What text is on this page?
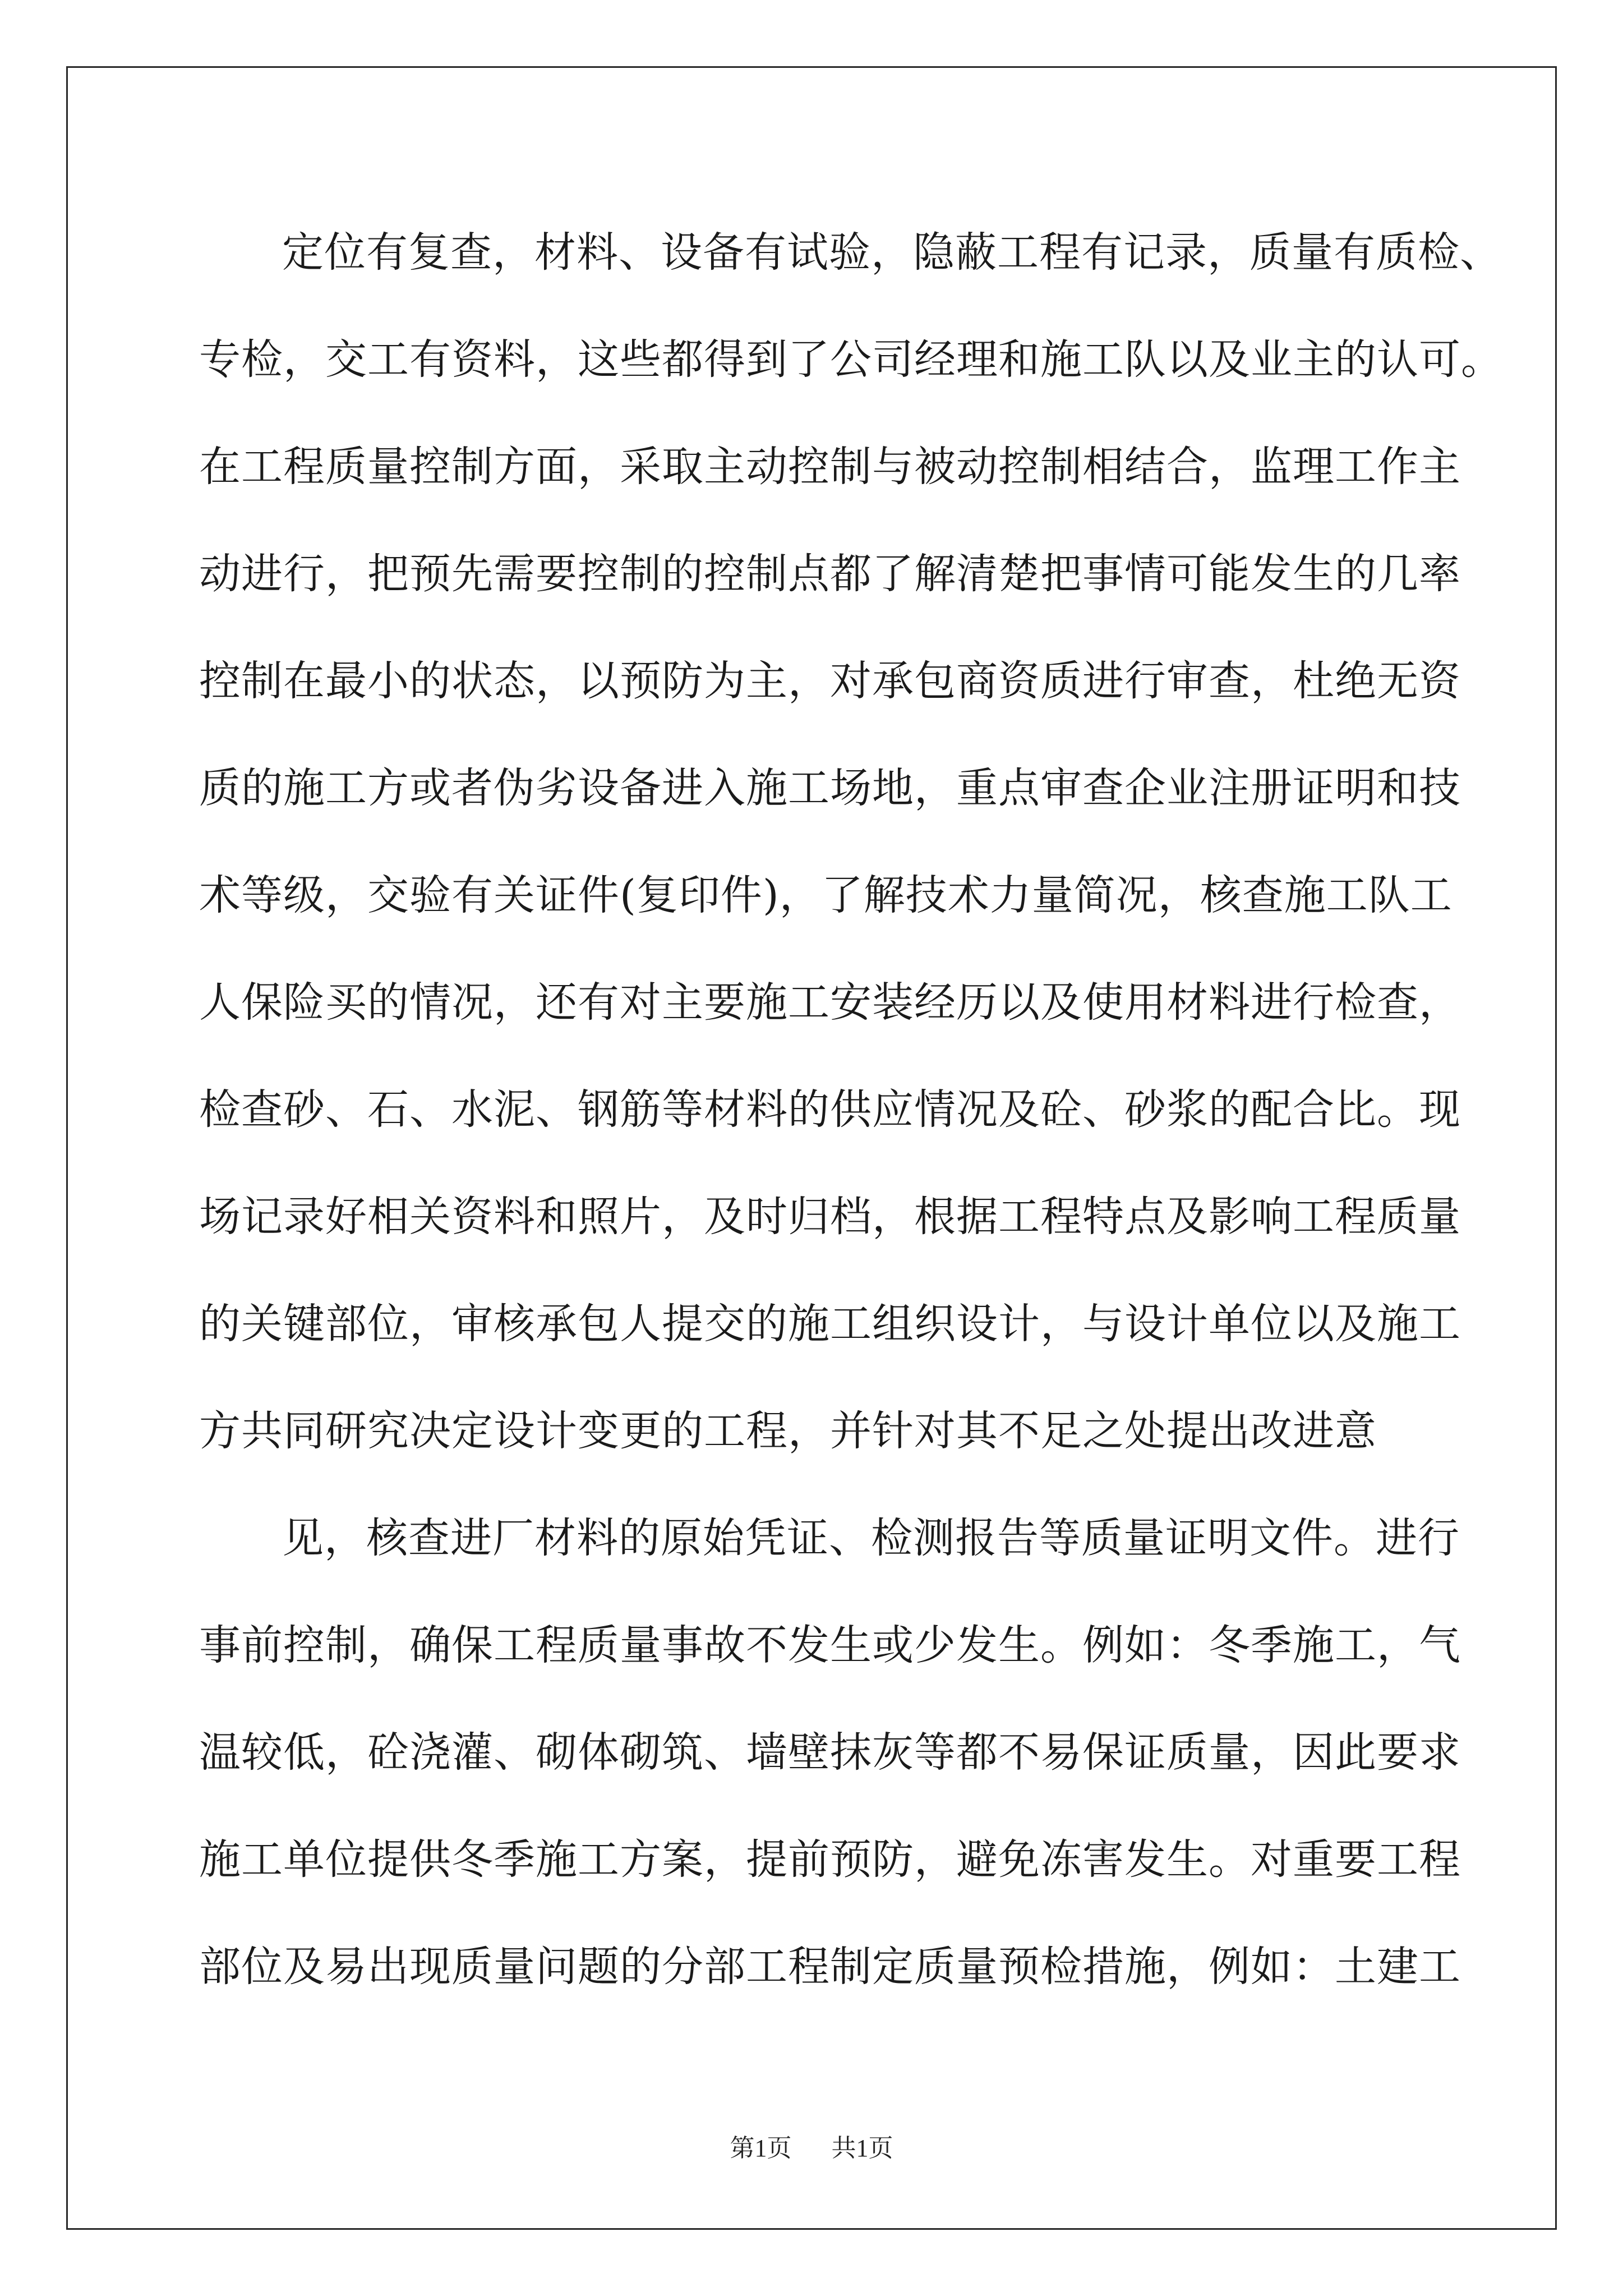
定位有复查，材料、设备有试验，隐蔽工程有记录，质量有质检、
专检，交工有资料，这些都得到了公司经理和施工队以及业主的认可。
在工程质量控制方面，采取主动控制与被动控制相结合，监理工作主
动进行，把预先需要控制的控制点都了解清楚把事情可能发生的几率
控制在最小的状态，以预防为主，对承包商资质进行审查，杜绝无资
质的施工方或者伪劣设备进入施工场地，重点审查企业注册证明和技
术等级，交验有关证件(复印件)，了解技术力量简况，核查施工队工
人保险买的情况，还有对主要施工安装经历以及使用材料进行检查，
检查砂、石、水泥、钢筋等材料的供应情况及砼、砂浆的配合比。现
场记录好相关资料和照片，及时归档，根据工程特点及影响工程质量
的关键部位，审核承包人提交的施工组织设计，与设计单位以及施工
方共同研究决定设计变更的工程，并针对其不足之处提出改进意
见，核查进厂材料的原始凭证、检测报告等质量证明文件。进行
事前控制，确保工程质量事故不发生或少发生。例如：冬季施工，气
温较低，砼浇灌、砌体砌筑、墙壁抹灰等都不易保证质量，因此要求
施工单位提供冬季施工方案，提前预防，避免冻害发生。对重要工程
部位及易出现质量问题的分部工程制定质量预检措施，例如：土建工
第1页 共1页
